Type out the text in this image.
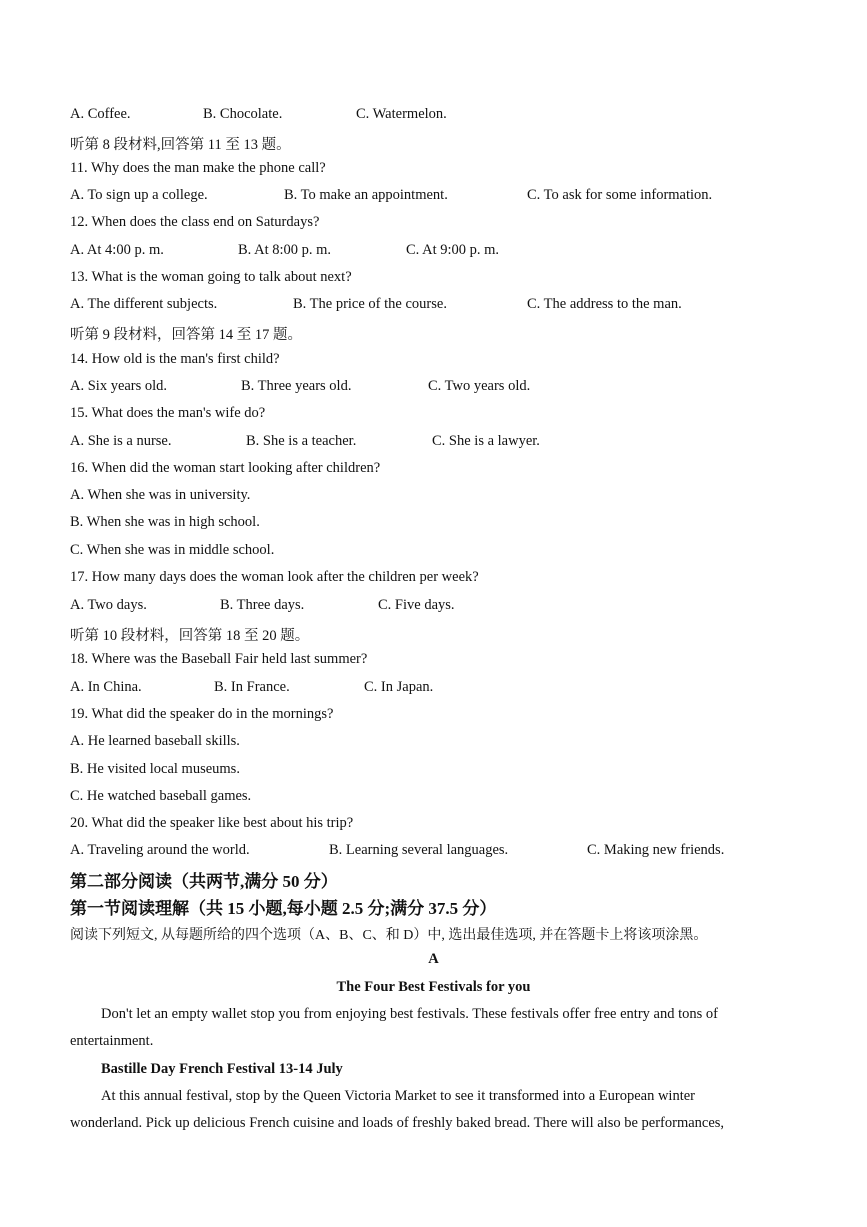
A. Coffee.	B. Chocolate.	C. Watermelon.
听第 8 段材料,回答第 11 至 13 题。
11. Why does the man make the phone call?
A. To sign up a college.	B. To make an appointment.	C. To ask for some information.
12. When does the class end on Saturdays?
A. At 4:00 p. m.	B. At 8:00 p. m.	C. At 9:00 p. m.
13. What is the woman going to talk about next?
A. The different subjects.	B. The price of the course.	C. The address to the man.
听第 9 段材料，回答第 14 至 17 题。
14. How old is the man's first child?
A. Six years old.	B. Three years old.	C. Two years old.
15. What does the man's wife do?
A. She is a nurse.	B. She is a teacher.	C. She is a lawyer.
16. When did the woman start looking after children?
A. When she was in university.
B. When she was in high school.
C. When she was in middle school.
17. How many days does the woman look after the children per week?
A. Two days.	B. Three days.	C. Five days.
听第 10 段材料，回答第 18 至 20 题。
18. Where was the Baseball Fair held last summer?
A. In China.	B. In France.	C. In Japan.
19. What did the speaker do in the mornings?
A. He learned baseball skills.
B. He visited local museums.
C. He watched baseball games.
20. What did the speaker like best about his trip?
A. Traveling around the world.	B. Learning several languages.	C. Making new friends.
第二部分阅读（共两节,满分 50 分）
第一节阅读理解（共 15 小题,每小题 2.5 分;满分 37.5 分）
阅读下列短文, 从每题所给的四个选项（A、B、C、和 D）中, 选出最佳选项, 并在答题卡上将该项涂黑。
A
The Four Best Festivals for you
Don't let an empty wallet stop you from enjoying best festivals. These festivals offer free entry and tons of
entertainment.
Bastille Day French Festival 13-14 July
At this annual festival, stop by the Queen Victoria Market to see it transformed into a European winter
wonderland. Pick up delicious French cuisine and loads of freshly baked bread. There will also be performances,
